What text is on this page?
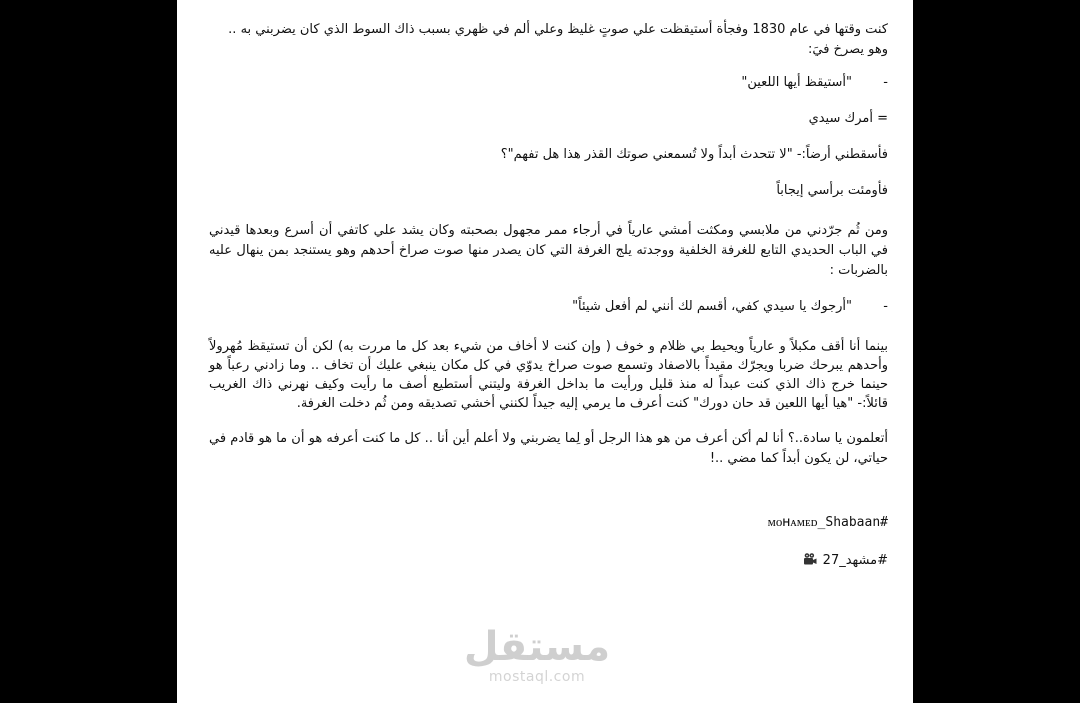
كنت وقتها في عام 1830 وفجأة أستيقظت علي صوتٍ غليظ وعلي ألم في ظهري بسبب ذاك السوط الذي كان يضربني به .. وهو يصرخ فيَ:

-
"أستيقظ أيها اللعين"

= أمرك سيدي

فأسقطني أرضاً:- "لا تتحدث أبداً ولا تُسمعني صوتك القذر هذا هل تفهم"؟

فأومئت برأسي إيجاباً

ومن ثُم جرّدني من ملابسي ومكثت أمشي عارياً في أرجاء ممر مجهول بصحبته وكان يشد علي كاتفي أن أسرع وبعدها قيدني في الباب الحديدي التابع للغرفة الخلفية ووجدته يلج الغرفة التي كان يصدر منها صوت صراخ أحدهم وهو يستنجد بمن ينهال عليه بالضربات :

-
"أرجوك يا سيدي كفي، أقسم لك أنني لم أفعل شيئاً"

بينما أنا أقف مكبلاً و عارياً ويحيط بي ظلام و خوف ( وإن كنت لا أخاف من شيء بعد كل ما مررت به) لكن أن تستيقظ مُهرولاً وأحدهم يبرحك ضربا ويجرّك مقيداً بالاصفاد وتسمع صوت صراخ يدوّي في كل مكان ينبغي عليك أن تخاف .. وما زادني رعباً هو حينما خرج ذاك الذي كنت عبداً له منذ قليل ورأيت ما بداخل الغرفة وليتني أستطيع أصف ما رأيت وكيف نهرني ذاك الغريب قائلاً:- "هيا أيها اللعين قد حان دورك" كنت أعرف ما يرمي إليه جيداً لكنني أخشي تصديقه ومن ثُم دخلت الغرفة.

أتعلمون يا سادة..؟ أنا لم أكن أعرف من هو هذا الرجل أو لِما يضربني ولا أعلم أين أنا .. كل ما كنت أعرفه هو أن ما هو قادم في حياتي، لن يكون أبداً كما مضي ..!

#ᴍᴏʜᴀᴍᴇᴅ_Shabaan

#مشهد_27

مستقل
mostaql.com
